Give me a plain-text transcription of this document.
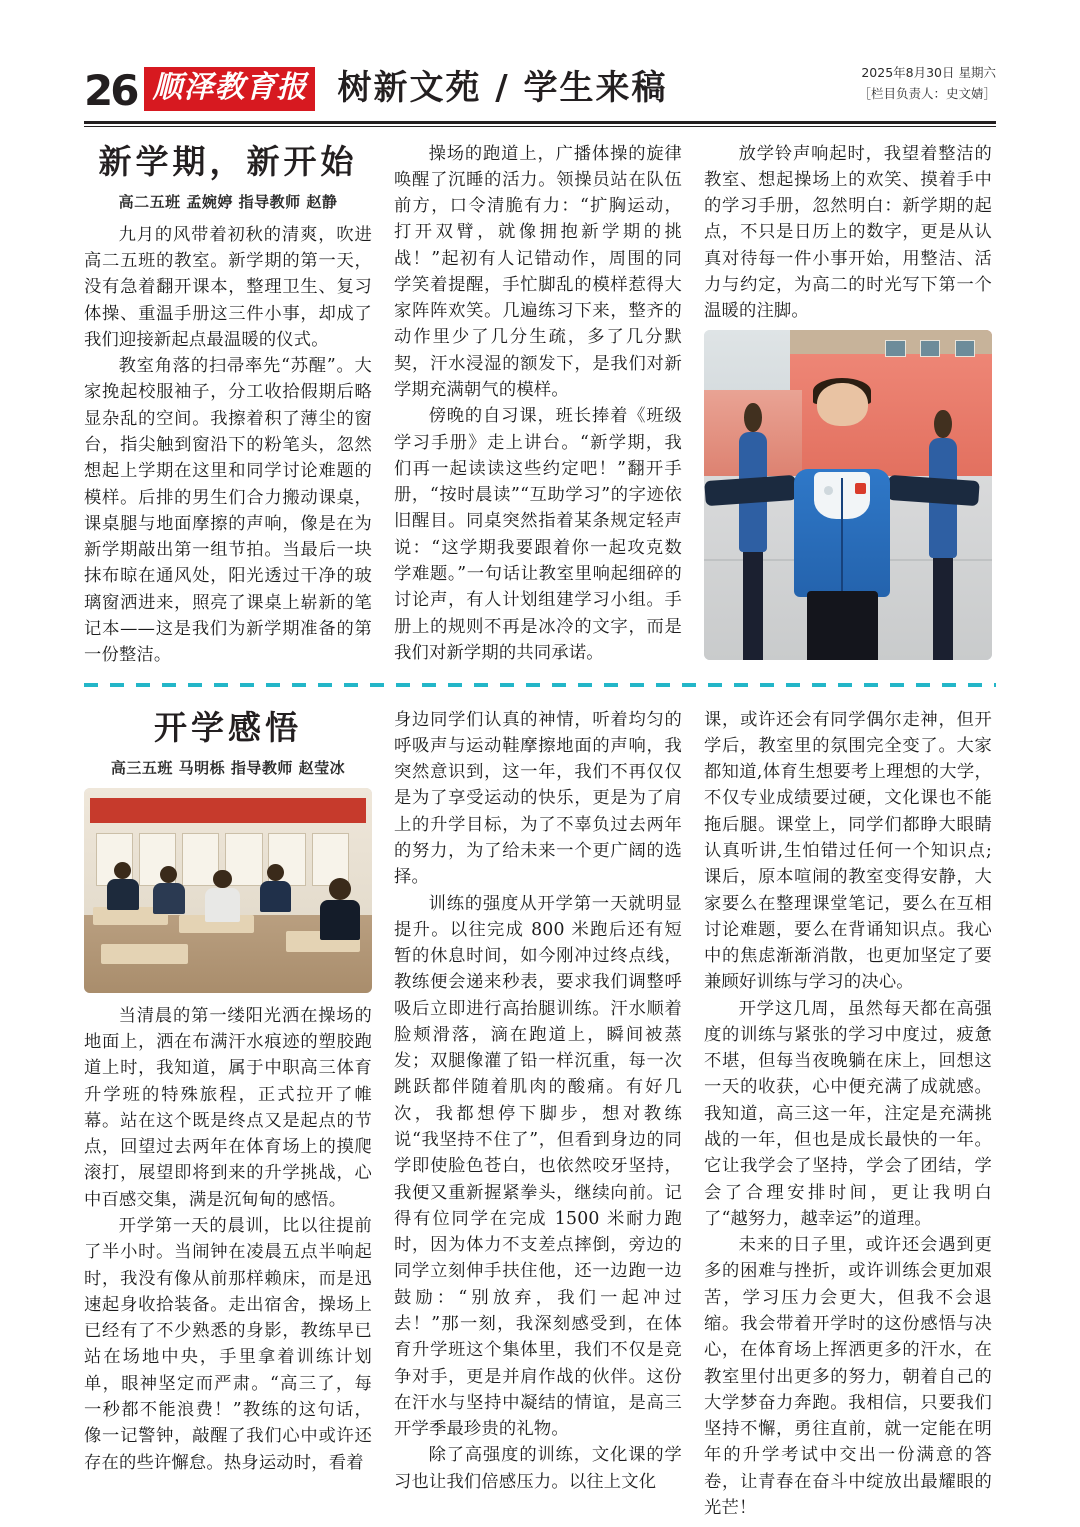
26 顺泽教育报 树新文苑 / 学生来稿	2025年8月30日 星期六
［栏目负责人：史文婧］
新学期，新开始
高二五班 孟婉婷 指导教师 赵静

九月的风带着初秋的清爽，吹进高二五班的教室。新学期的第一天，没有急着翻开课本，整理卫生、复习体操、重温手册这三件小事，却成了我们迎接新起点最温暖的仪式。

教室角落的扫帚率先“苏醒”。大家挽起校服袖子，分工收拾假期后略显杂乱的空间。我擦着积了薄尘的窗台，指尖触到窗沿下的粉笔头，忽然想起上学期在这里和同学讨论难题的模样。后排的男生们合力搬动课桌，课桌腿与地面摩擦的声响，像是在为新学期敲出第一组节拍。当最后一块抹布晾在通风处，阳光透过干净的玻璃窗洒进来，照亮了课桌上崭新的笔记本——这是我们为新学期准备的第一份整洁。

操场的跑道上，广播体操的旋律唤醒了沉睡的活力。领操员站在队伍前方，口令清脆有力：“扩胸运动，打开双臂，就像拥抱新学期的挑战！”起初有人记错动作，周围的同学笑着提醒，手忙脚乱的模样惹得大家阵阵欢笑。几遍练习下来，整齐的动作里少了几分生疏，多了几分默契，汗水浸湿的额发下，是我们对新学期充满朝气的模样。

傍晚的自习课，班长捧着《班级学习手册》走上讲台。“新学期，我们再一起读读这些约定吧！”翻开手册，“按时晨读”“互助学习”的字迹依旧醒目。同桌突然指着某条规定轻声说：“这学期我要跟着你一起攻克数学难题。”一句话让教室里响起细碎的讨论声，有人计划组建学习小组。手册上的规则不再是冰冷的文字，而是我们对新学期的共同承诺。

放学铃声响起时，我望着整洁的教室、想起操场上的欢笑、摸着手中的学习手册，忽然明白：新学期的起点，不只是日历上的数字，更是从认真对待每一件小事开始，用整洁、活力与约定，为高二的时光写下第一个温暖的注脚。

开学感悟
高三五班 马明栎 指导教师 赵莹冰

当清晨的第一缕阳光洒在操场的地面上，洒在布满汗水痕迹的塑胶跑道上时，我知道，属于中职高三体育升学班的特殊旅程，正式拉开了帷幕。站在这个既是终点又是起点的节点，回望过去两年在体育场上的摸爬滚打，展望即将到来的升学挑战，心中百感交集，满是沉甸甸的感悟。

开学第一天的晨训，比以往提前了半小时。当闹钟在凌晨五点半响起时，我没有像从前那样赖床，而是迅速起身收拾装备。走出宿舍，操场上已经有了不少熟悉的身影，教练早已站在场地中央，手里拿着训练计划单，眼神坚定而严肃。“高三了，每一秒都不能浪费！”教练的这句话，像一记警钟，敲醒了我们心中或许还存在的些许懈怠。热身运动时，看着

身边同学们认真的神情，听着均匀的呼吸声与运动鞋摩擦地面的声响，我突然意识到，这一年，我们不再仅仅是为了享受运动的快乐，更是为了肩上的升学目标，为了不辜负过去两年的努力，为了给未来一个更广阔的选择。

训练的强度从开学第一天就明显提升。以往完成 800 米跑后还有短暂的休息时间，如今刚冲过终点线，教练便会递来秒表，要求我们调整呼吸后立即进行高抬腿训练。汗水顺着脸颊滑落，滴在跑道上，瞬间被蒸发；双腿像灌了铅一样沉重，每一次跳跃都伴随着肌肉的酸痛。有好几次，我都想停下脚步，想对教练说“我坚持不住了”，但看到身边的同学即使脸色苍白，也依然咬牙坚持，我便又重新握紧拳头，继续向前。记得有位同学在完成 1500 米耐力跑时，因为体力不支差点摔倒，旁边的同学立刻伸手扶住他，还一边跑一边鼓励：“别放弃，我们一起冲过去！”那一刻，我深刻感受到，在体育升学班这个集体里，我们不仅是竞争对手，更是并肩作战的伙伴。这份在汗水与坚持中凝结的情谊，是高三开学季最珍贵的礼物。

除了高强度的训练，文化课的学习也让我们倍感压力。以往上文化

课，或许还会有同学偶尔走神，但开学后，教室里的氛围完全变了。大家都知道,体育生想要考上理想的大学，不仅专业成绩要过硬，文化课也不能拖后腿。课堂上，同学们都睁大眼睛认真听讲,生怕错过任何一个知识点;课后，原本喧闹的教室变得安静，大家要么在整理课堂笔记，要么在互相讨论难题，要么在背诵知识点。我心中的焦虑渐渐消散，也更加坚定了要兼顾好训练与学习的决心。

开学这几周，虽然每天都在高强度的训练与紧张的学习中度过，疲惫不堪，但每当夜晚躺在床上，回想这一天的收获，心中便充满了成就感。我知道，高三这一年，注定是充满挑战的一年，但也是成长最快的一年。它让我学会了坚持，学会了团结，学会了合理安排时间，更让我明白了“越努力，越幸运”的道理。

未来的日子里，或许还会遇到更多的困难与挫折，或许训练会更加艰苦，学习压力会更大，但我不会退缩。我会带着开学时的这份感悟与决心，在体育场上挥洒更多的汗水，在教室里付出更多的努力，朝着自己的大学梦奋力奔跑。我相信，只要我们坚持不懈，勇往直前，就一定能在明年的升学考试中交出一份满意的答卷，让青春在奋斗中绽放出最耀眼的光芒！
